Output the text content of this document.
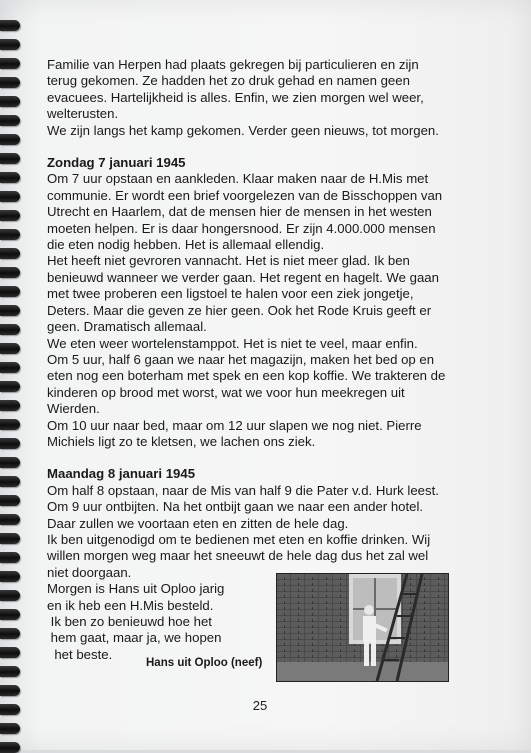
Familie van Herpen had plaats gekregen bij particulieren en zijn
terug gekomen. Ze hadden het zo druk gehad en namen geen
evacuees. Hartelijkheid is alles. Enfin, we zien morgen wel weer,
welterusten.
We zijn langs het kamp gekomen. Verder geen nieuws, tot morgen.
Zondag 7 januari 1945
Om 7 uur opstaan en aankleden. Klaar maken naar de H.Mis met
communie. Er wordt een brief voorgelezen van de Bisschoppen van
Utrecht en Haarlem, dat de mensen hier de mensen in het westen
moeten helpen. Er is daar hongersnood. Er zijn 4.000.000 mensen
die eten nodig hebben. Het is allemaal ellendig.
Het heeft niet gevroren vannacht. Het is niet meer glad. Ik ben
benieuwd wanneer we verder gaan. Het regent en hagelt. We gaan
met twee proberen een ligstoel te halen voor een ziek jongetje,
Deters. Maar die geven ze hier geen. Ook het Rode Kruis geeft er
geen. Dramatisch allemaal.
We eten weer wortelenstamppot. Het is niet te veel, maar enfin.
Om 5 uur, half 6 gaan we naar het magazijn, maken het bed op en
eten nog een boterham met spek en een kop koffie. We trakteren de
kinderen op brood met worst, wat we voor hun meekregen uit
Wierden.
Om 10 uur naar bed, maar om 12 uur slapen we nog niet. Pierre
Michiels ligt zo te kletsen, we lachen ons ziek.
Maandag 8 januari 1945
Om half 8 opstaan, naar de Mis van half 9 die Pater v.d. Hurk leest.
Om 9 uur ontbijten. Na het ontbijt gaan we naar een ander hotel.
Daar zullen we voortaan eten en zitten de hele dag.
Ik ben uitgenodigd om te bedienen met eten en koffie drinken. Wij
willen morgen weg maar het sneeuwt de hele dag dus het zal wel
niet doorgaan.
Morgen is Hans uit Oploo jarig
en ik heb een H.Mis besteld.
Ik ben zo benieuwd hoe het
hem gaat, maar ja, we hopen
het beste.
Hans uit Oploo (neef)
25
